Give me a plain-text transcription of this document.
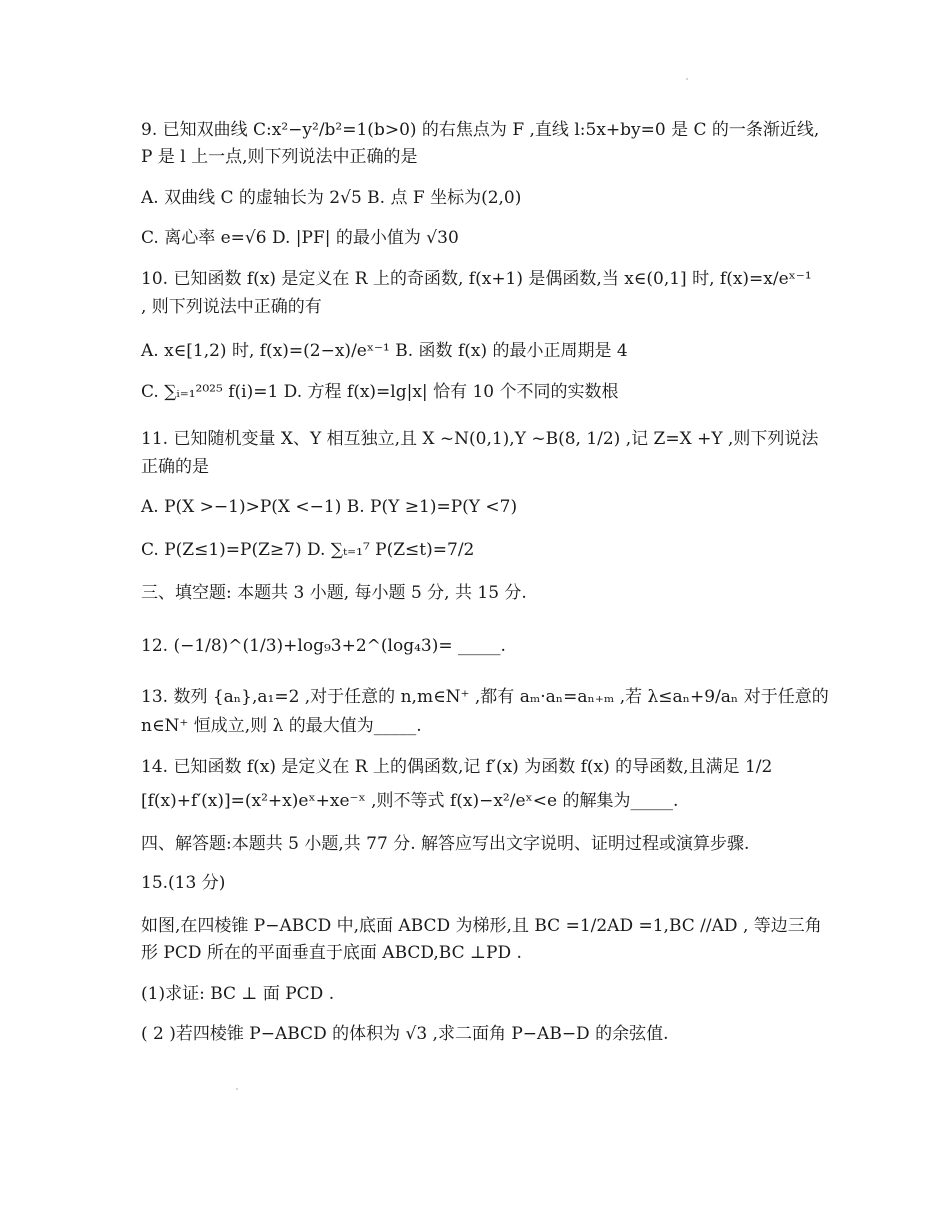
9. 已知双曲线 C:x²−y²/b²=1(b>0) 的右焦点为 F ,直线 l:5x+by=0 是 C 的一条渐近线,
P 是 l 上一点,则下列说法中正确的是
A. 双曲线 C 的虚轴长为 2√5 B. 点 F 坐标为(2,0)
C. 离心率 e=√6 D. |PF| 的最小值为 √30
10. 已知函数 f(x) 是定义在 R 上的奇函数, f(x+1) 是偶函数,当 x∈(0,1] 时, f(x)=x/eˣ⁻¹
, 则下列说法中正确的有
A. x∈[1,2) 时, f(x)=(2−x)/eˣ⁻¹ B. 函数 f(x) 的最小正周期是 4
C. ∑ᵢ₌₁²⁰²⁵ f(i)=1 D. 方程 f(x)=lg|x| 恰有 10 个不同的实数根
11. 已知随机变量 X、Y 相互独立,且 X ~N(0,1),Y ~B(8, 1/2) ,记 Z=X +Y ,则下列说法
正确的是
A. P(X >−1)>P(X <−1) B. P(Y ≥1)=P(Y <7)
C. P(Z≤1)=P(Z≥7) D. ∑ₜ₌₁⁷ P(Z≤t)=7/2
三、填空题: 本题共 3 小题, 每小题 5 分, 共 15 分.
12. (−1/8)^(1/3)+log₉3+2^(log₄3)= _____.
13. 数列 {aₙ},a₁=2 ,对于任意的 n,m∈N⁺ ,都有 aₘ·aₙ=aₙ₊ₘ ,若 λ≤aₙ+9/aₙ 对于任意的
n∈N⁺ 恒成立,则 λ 的最大值为_____.
14. 已知函数 f(x) 是定义在 R 上的偶函数,记 f′(x) 为函数 f(x) 的导函数,且满足 1/2
[f(x)+f′(x)]=(x²+x)eˣ+xe⁻ˣ ,则不等式 f(x)−x²/eˣ<e 的解集为_____.
四、解答题:本题共 5 小题,共 77 分. 解答应写出文字说明、证明过程或演算步骤.
15.(13 分)
如图,在四棱锥 P−ABCD 中,底面 ABCD 为梯形,且 BC =1/2AD =1,BC //AD , 等边三角
形 PCD 所在的平面垂直于底面 ABCD,BC ⊥PD .
(1)求证: BC ⊥ 面 PCD .
( 2 )若四棱锥 P−ABCD 的体积为 √3 ,求二面角 P−AB−D 的余弦值.
